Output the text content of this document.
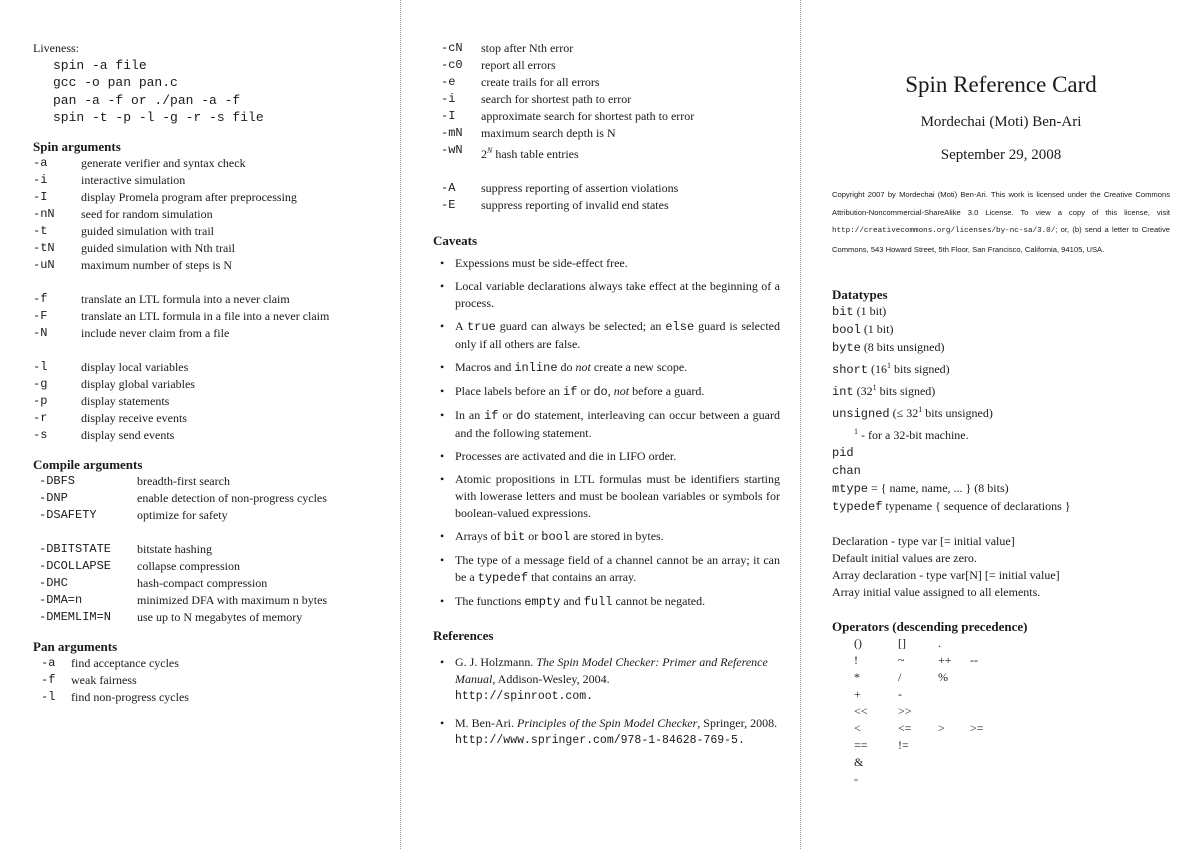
Liveness:
spin -a file
gcc -o pan pan.c
pan -a -f or ./pan -a -f
spin -t -p -l -g -r -s file
Spin arguments
-a	generate verifier and syntax check
-i	interactive simulation
-I	display Promela program after preprocessing
-nN	seed for random simulation
-t	guided simulation with trail
-tN	guided simulation with Nth trail
-uN	maximum number of steps is N
-f	translate an LTL formula into a never claim
-F	translate an LTL formula in a file into a never claim
-N	include never claim from a file
-l	display local variables
-g	display global variables
-p	display statements
-r	display receive events
-s	display send events
Compile arguments
-DBFS	breadth-first search
-DNP	enable detection of non-progress cycles
-DSAFETY	optimize for safety
-DBITSTATE	bitstate hashing
-DCOLLAPSE	collapse compression
-DHC	hash-compact compression
-DMA=n	minimized DFA with maximum n bytes
-DMEMLIM=N	use up to N megabytes of memory
Pan arguments
-a	find acceptance cycles
-f	weak fairness
-l	find non-progress cycles
-cN	stop after Nth error
-c0	report all errors
-e	create trails for all errors
-i	search for shortest path to error
-I	approximate search for shortest path to error
-mN	maximum search depth is N
-wN	$2^N$ hash table entries
-A	suppress reporting of assertion violations
-E	suppress reporting of invalid end states
Caveats
• Expessions must be side-effect free.
• Local variable declarations always take effect at the beginning of a process.
• A true guard can always be selected; an else guard is selected only if all others are false.
• Macros and inline do not create a new scope.
• Place labels before an if or do, not before a guard.
• In an if or do statement, interleaving can occur between a guard and the following statement.
• Processes are activated and die in LIFO order.
• Atomic propositions in LTL formulas must be identifiers starting with lowerase letters and must be boolean variables or symbols for boolean-valued expressions.
• Arrays of bit or bool are stored in bytes.
• The type of a message field of a channel cannot be an array; it can be a typedef that contains an array.
• The functions empty and full cannot be negated.
References
• G. J. Holzmann. The Spin Model Checker: Primer and Reference Manual, Addison-Wesley, 2004.
http://spinroot.com.
• M. Ben-Ari. Principles of the Spin Model Checker, Springer, 2008.
http://www.springer.com/978-1-84628-769-5.
Spin Reference Card
Mordechai (Moti) Ben-Ari
September 29, 2008
Copyright 2007 by Mordechai (Moti) Ben-Ari. This work is licensed under the Creative Commons Attribution-Noncommercial-ShareAlike 3.0 License. To view a copy of this license, visit http://creativecommons.org/licenses/by-nc-sa/3.0/; or, (b) send a letter to Creative Commons, 543 Howard Street, 5th Floor, San Francisco, California, 94105, USA.
Datatypes
bit (1 bit)
bool (1 bit)
byte (8 bits unsigned)
short ($16^1$ bits signed)
int ($32^1$ bits signed)
unsigned (≤ $32^1$ bits unsigned)
$^1$ - for a 32-bit machine.
pid
chan
mtype = { name, name, ... } (8 bits)
typedef typename { sequence of declarations }
Declaration - type var [= initial value]
Default initial values are zero.
Array declaration - type var[N] [= initial value]
Array initial value assigned to all elements.
Operators (descending precedence)
()	[]	.
!	~	++ --
*	/	%
+	-
<<	>>
<	<= > >=
==	!=
&
-
